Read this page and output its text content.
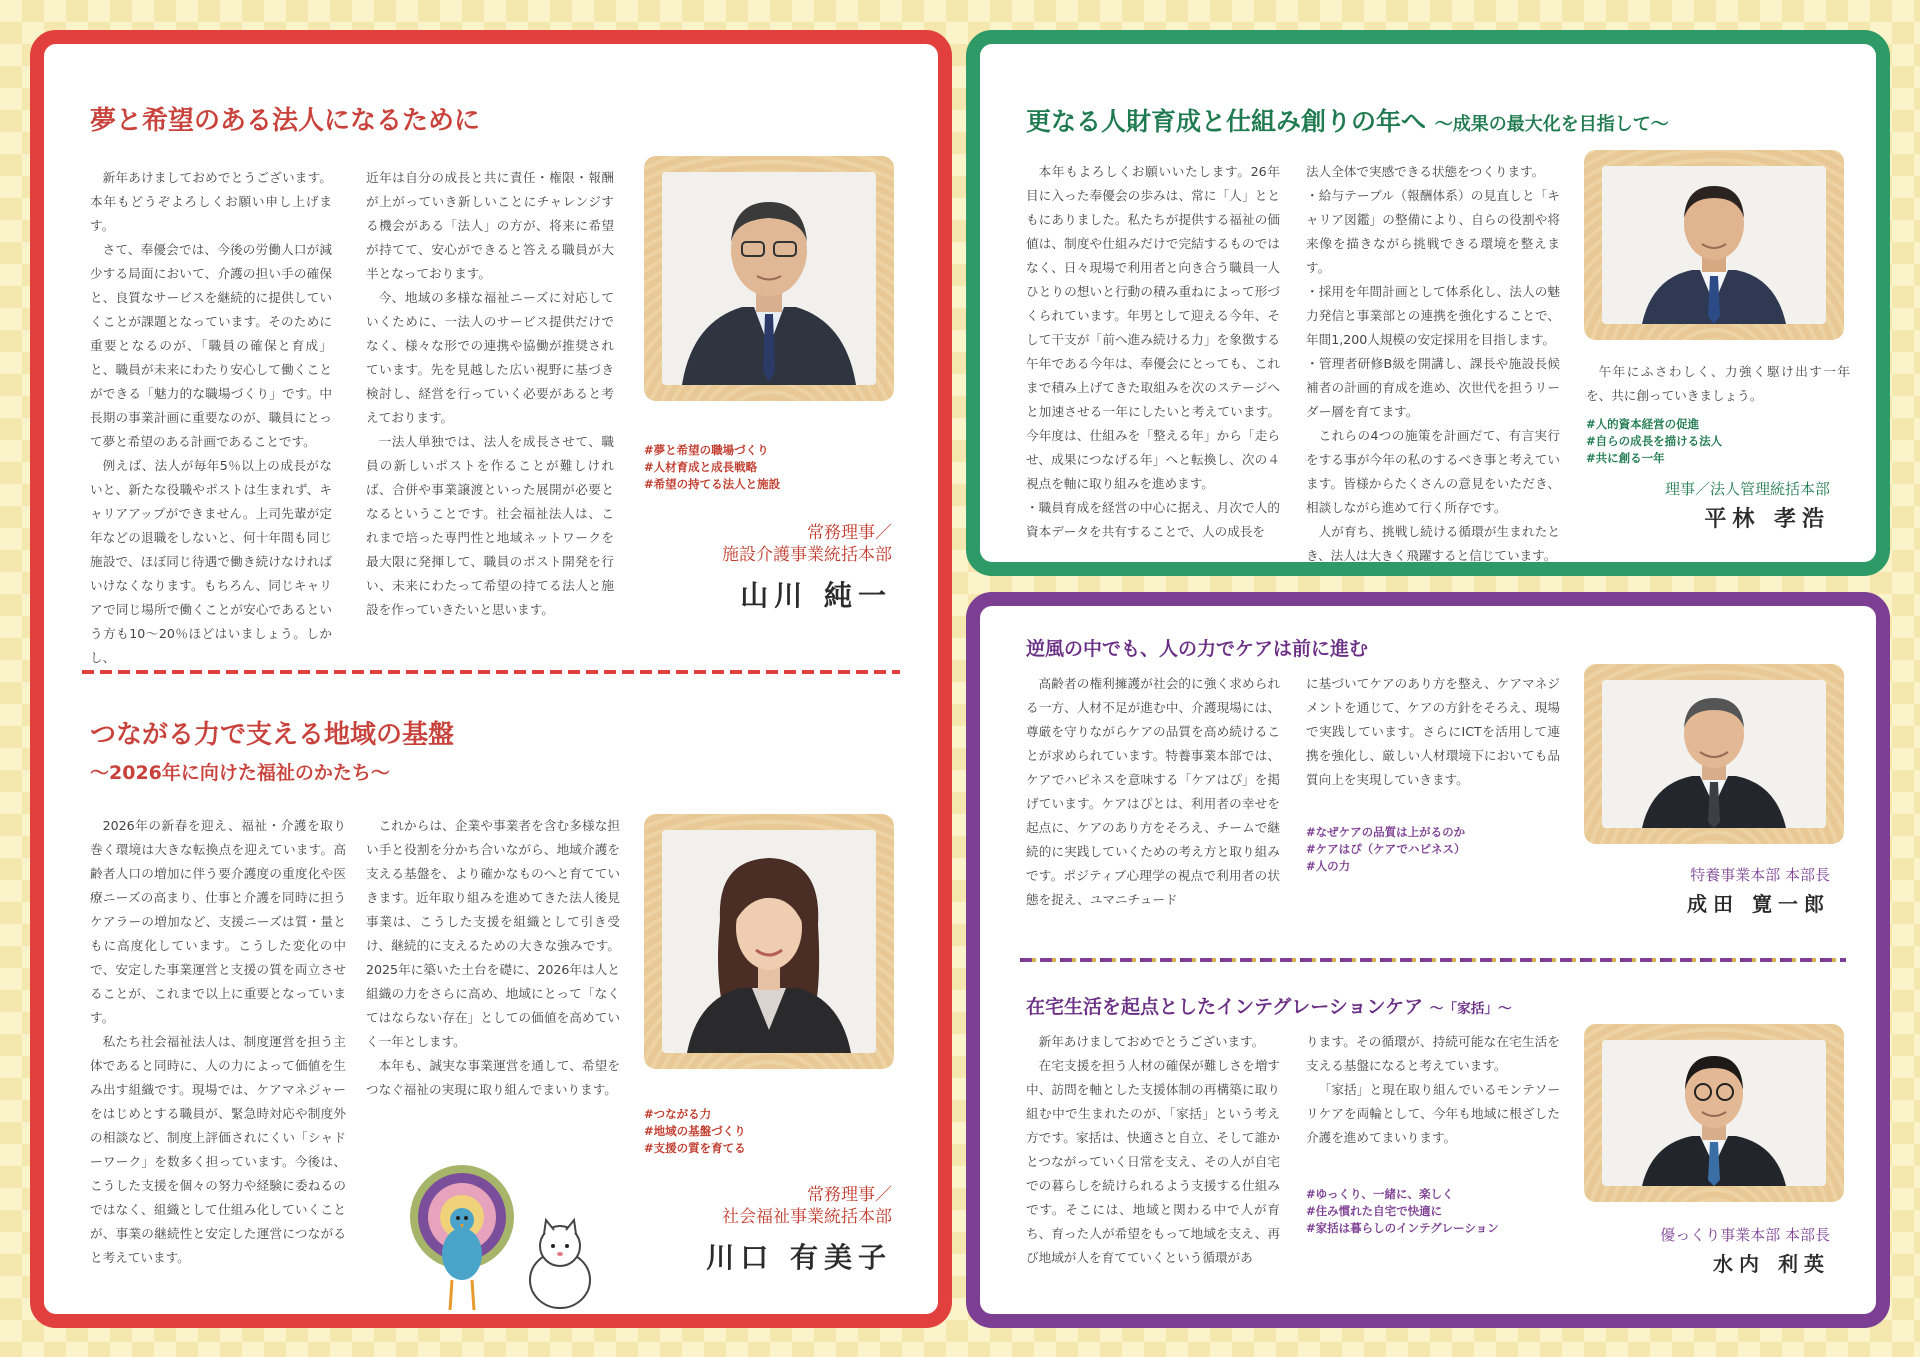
夢と希望のある法人になるために

新年あけましておめでとうございます。本年もどうぞよろしくお願い申し上げます。

さて、奉優会では、今後の労働人口が減少する局面において、介護の担い手の確保と、良質なサービスを継続的に提供していくことが課題となっています。そのために重要となるのが、「職員の確保と育成」と、職員が未来にわたり安心して働くことができる「魅力的な職場づくり」です。中長期の事業計画に重要なのが、職員にとって夢と希望のある計画であることです。

例えば、法人が毎年5％以上の成長がないと、新たな役職やポストは生まれず、キャリアアップができません。上司先輩が定年などの退職をしないと、何十年間も同じ施設で、ほぼ同じ待遇で働き続けなければいけなくなります。もちろん、同じキャリアで同じ場所で働くことが安心であるという方も10〜20％ほどはいましょう。しかし、

近年は自分の成長と共に責任・権限・報酬が上がっていき新しいことにチャレンジする機会がある「法人」の方が、将来に希望が持てて、安心ができると答える職員が大半となっております。

今、地域の多様な福祉ニーズに対応していくために、一法人のサービス提供だけでなく、様々な形での連携や協働が推奨されています。先を見越した広い視野に基づき検討し、経営を行っていく必要があると考えております。

一法人単独では、法人を成長させて、職員の新しいポストを作ることが難しければ、合併や事業譲渡といった展開が必要となるということです。社会福祉法人は、これまで培った専門性と地域ネットワークを最大限に発揮して、職員のポスト開発を行い、未来にわたって希望の持てる法人と施設を作っていきたいと思います。

#夢と希望の職場づくり
#人材育成と成長戦略
#希望の持てる法人と施設
常務理事／
施設介護事業統括本部
山川 純一
つながる力で支える地域の基盤
〜2026年に向けた福祉のかたち〜

2026年の新春を迎え、福祉・介護を取り巻く環境は大きな転換点を迎えています。高齢者人口の増加に伴う要介護度の重度化や医療ニーズの高まり、仕事と介護を同時に担うケアラーの増加など、支援ニーズは質・量ともに高度化しています。こうした変化の中で、安定した事業運営と支援の質を両立させることが、これまで以上に重要となっています。

私たち社会福祉法人は、制度運営を担う主体であると同時に、人の力によって価値を生み出す組織です。現場では、ケアマネジャーをはじめとする職員が、緊急時対応や制度外の相談など、制度上評価されにくい「シャドーワーク」を数多く担っています。今後は、こうした支援を個々の努力や経験に委ねるのではなく、組織として仕組み化していくことが、事業の継続性と安定した運営につながると考えています。

これからは、企業や事業者を含む多様な担い手と役割を分かち合いながら、地域介護を支える基盤を、より確かなものへと育てていきます。近年取り組みを進めてきた法人後見事業は、こうした支援を組織として引き受け、継続的に支えるための大きな強みです。2025年に築いた土台を礎に、2026年は人と組織の力をさらに高め、地域にとって「なくてはならない存在」としての価値を高めていく一年とします。

本年も、誠実な事業運営を通して、希望をつなぐ福祉の実現に取り組んでまいります。

#つながる力
#地域の基盤づくり
#支援の質を育てる
常務理事／
社会福祉事業統括本部
川口 有美子
更なる人財育成と仕組み創りの年へ 〜成果の最大化を目指して〜

本年もよろしくお願いいたします。26年目に入った奉優会の歩みは、常に「人」とともにありました。私たちが提供する福祉の価値は、制度や仕組みだけで完結するものではなく、日々現場で利用者と向き合う職員一人ひとりの想いと行動の積み重ねによって形づくられています。年男として迎える今年、そして干支が「前へ進み続ける力」を象徴する午年である今年は、奉優会にとっても、これまで積み上げてきた取組みを次のステージへと加速させる一年にしたいと考えています。今年度は、仕組みを「整える年」から「走らせ、成果につなげる年」へと転換し、次の４視点を軸に取り組みを進めます。

・職員育成を経営の中心に据え、月次で人的資本データを共有することで、人の成長を

法人全体で実感できる状態をつくります。

・給与テーブル（報酬体系）の見直しと「キャリア図鑑」の整備により、自らの役割や将来像を描きながら挑戦できる環境を整えます。

・採用を年間計画として体系化し、法人の魅力発信と事業部との連携を強化することで、年間1,200人規模の安定採用を目指します。

・管理者研修B級を開講し、課長や施設長候補者の計画的育成を進め、次世代を担うリーダー層を育てます。

これらの4つの施策を計画だて、有言実行をする事が今年の私のするべき事と考えています。皆様からたくさんの意見をいただき、相談しながら進めて行く所存です。

人が育ち、挑戦し続ける循環が生まれたとき、法人は大きく飛躍すると信じています。

午年にふさわしく、力強く駆け出す一年を、共に創っていきましょう。

#人的資本経営の促進
#自らの成長を描ける法人
#共に創る一年
理事／法人管理統括本部
平林 孝浩
逆風の中でも、人の力でケアは前に進む

高齢者の権利擁護が社会的に強く求められる一方、人材不足が進む中、介護現場には、尊厳を守りながらケアの品質を高め続けることが求められています。特養事業本部では、ケアでハピネスを意味する「ケアはぴ」を掲げています。ケアはぴとは、利用者の幸せを起点に、ケアのあり方をそろえ、チームで継続的に実践していくための考え方と取り組みです。ポジティブ心理学の視点で利用者の状態を捉え、ユマニチュード

に基づいてケアのあり方を整え、ケアマネジメントを通じて、ケアの方針をそろえ、現場で実践しています。さらにICTを活用して連携を強化し、厳しい人材環境下においても品質向上を実現していきます。

#なぜケアの品質は上がるのか
#ケアはぴ（ケアでハピネス）
#人の力	特養事業本部 本部長
成田 寛一郎
在宅生活を起点としたインテグレーションケア 〜「家括」〜

新年あけましておめでとうございます。

在宅支援を担う人材の確保が難しさを増す中、訪問を軸とした支援体制の再構築に取り組む中で生まれたのが、「家括」という考え方です。家括は、快適さと自立、そして誰かとつながっていく日常を支え、その人が自宅での暮らしを続けられるよう支援する仕組みです。そこには、地域と関わる中で人が育ち、育った人が希望をもって地域を支え、再び地域が人を育てていくという循環があ

ります。その循環が、持続可能な在宅生活を支える基盤になると考えています。

「家括」と現在取り組んでいるモンテソーリケアを両輪として、今年も地域に根ざした介護を進めてまいります。

#ゆっくり、一緒に、楽しく
#住み慣れた自宅で快適に
#家括は暮らしのインテグレーション	優っくり事業本部 本部長
水内 利英
